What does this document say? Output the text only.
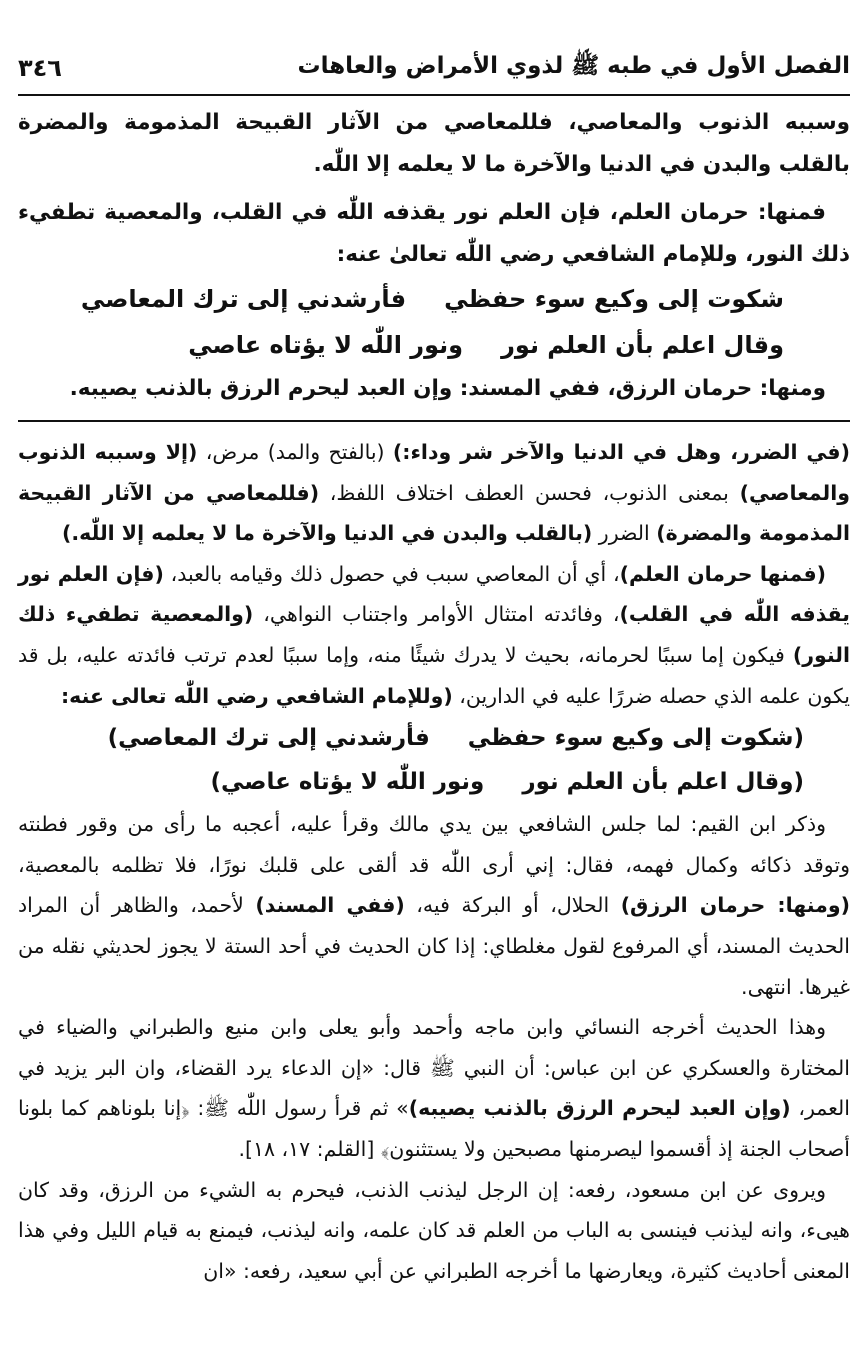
الفصل الأول في طبه ﷺ لذوي الأمراض والعاهات
٣٤٦

وسببه الذنوب والمعاصي، فللمعاصي من الآثار القبيحة المذمومة والمضرة بالقلب والبدن في الدنيا والآخرة ما لا يعلمه إلا اللّٰه.

فمنها: حرمان العلم، فإن العلم نور يقذفه اللّٰه في القلب، والمعصية تطفيء ذلك النور، وللإمام الشافعي رضي اللّٰه تعالىٰ عنه:

شكوت إلى وكيع سوء حفظي
فأرشدني إلى ترك المعاصي
وقال اعلم بأن العلم نور
ونور اللّٰه لا يؤتاه عاصي

ومنها: حرمان الرزق، ففي المسند: وإن العبد ليحرم الرزق بالذنب يصيبه.

(في الضرر، وهل في الدنيا والآخر شر وداء:) (بالفتح والمد) مرض، (إلا وسببه الذنوب والمعاصي) بمعنى الذنوب، فحسن العطف اختلاف اللفظ، (فللمعاصي من الآثار القبيحة المذمومة والمضرة) الضرر (بالقلب والبدن في الدنيا والآخرة ما لا يعلمه إلا اللّٰه.)

(فمنها حرمان العلم)، أي أن المعاصي سبب في حصول ذلك وقيامه بالعبد، (فإن العلم نور يقذفه اللّٰه في القلب)، وفائدته امتثال الأوامر واجتناب النواهي، (والمعصية تطفيء ذلك النور) فيكون إما سببًا لحرمانه، بحيث لا يدرك شيئًا منه، وإما سببًا لعدم ترتب فائدته عليه، بل قد يكون علمه الذي حصله ضررًا عليه في الدارين، (وللإمام الشافعي رضي اللّٰه تعالى عنه:

(شكوت إلى وكيع سوء حفظي
فأرشدني إلى ترك المعاصي)
(وقال اعلم بأن العلم نور
ونور اللّٰه لا يؤتاه عاصي)

وذكر ابن القيم: لما جلس الشافعي بين يدي مالك وقرأ عليه، أعجبه ما رأى من وقور فطنته وتوقد ذكائه وكمال فهمه، فقال: إني أرى اللّٰه قد ألقى على قلبك نورًا، فلا تظلمه بالمعصية، (ومنها: حرمان الرزق) الحلال، أو البركة فيه، (ففي المسند) لأحمد، والظاهر أن المراد الحديث المسند، أي المرفوع لقول مغلطاي: إذا كان الحديث في أحد الستة لا يجوز لحديثي نقله من غيرها. انتهى.

وهذا الحديث أخرجه النسائي وابن ماجه وأحمد وأبو يعلى وابن منيع والطبراني والضياء في المختارة والعسكري عن ابن عباس: أن النبي ﷺ قال: «إن الدعاء يرد القضاء، وان البر يزيد في العمر، (وإن العبد ليحرم الرزق بالذنب يصيبه)» ثم قرأ رسول اللّٰه ﷺ: ﴿إنا بلوناهم كما بلونا أصحاب الجنة إذ أقسموا ليصرمنها مصبحين ولا يستثنون﴾ [القلم: ١٧، ١٨].

ويروى عن ابن مسعود، رفعه: إن الرجل ليذنب الذنب، فيحرم به الشيء من الرزق، وقد كان هيىء، وانه ليذنب فينسى به الباب من العلم قد كان علمه، وانه ليذنب، فيمنع به قيام الليل وفي هذا المعنى أحاديث كثيرة، ويعارضها ما أخرجه الطبراني عن أبي سعيد، رفعه: «ان
